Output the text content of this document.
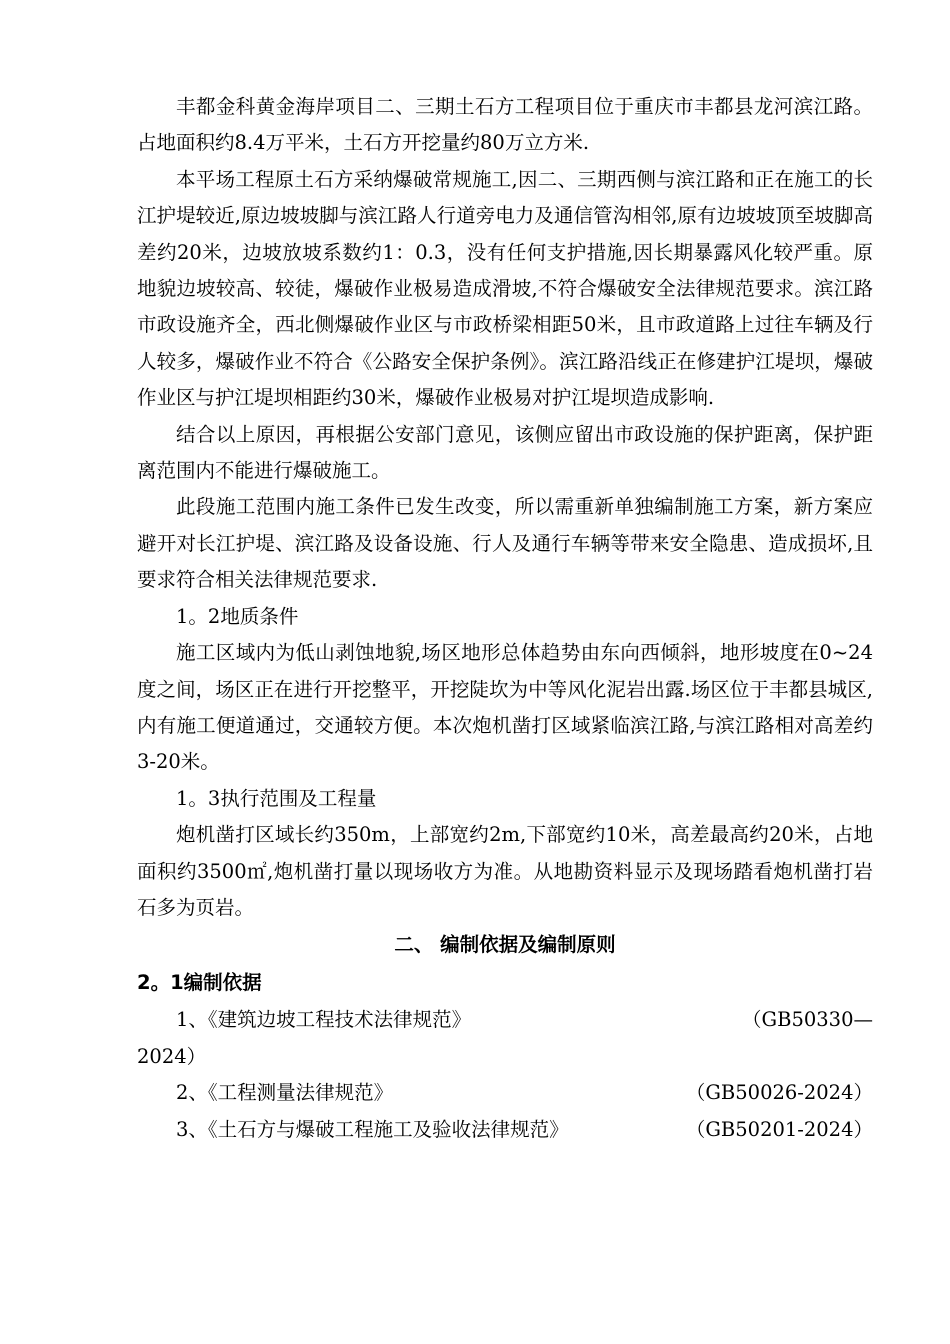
丰都金科黄金海岸项目二、三期土石方工程项目位于重庆市丰都县龙河滨江路。占地面积约8.4万平米，土石方开挖量约80万立方米.

本平场工程原土石方采纳爆破常规施工,因二、三期西侧与滨江路和正在施工的长江护堤较近,原边坡坡脚与滨江路人行道旁电力及通信管沟相邻,原有边坡坡顶至坡脚高差约20米，边坡放坡系数约1：0.3，没有任何支护措施,因长期暴露风化较严重。原地貌边坡较高、较徒，爆破作业极易造成滑坡,不符合爆破安全法律规范要求。滨江路市政设施齐全，西北侧爆破作业区与市政桥梁相距50米，且市政道路上过往车辆及行人较多，爆破作业不符合《公路安全保护条例》。滨江路沿线正在修建护江堤坝，爆破作业区与护江堤坝相距约30米，爆破作业极易对护江堤坝造成影响.

结合以上原因，再根据公安部门意见，该侧应留出市政设施的保护距离，保护距离范围内不能进行爆破施工。

此段施工范围内施工条件已发生改变，所以需重新单独编制施工方案，新方案应避开对长江护堤、滨江路及设备设施、行人及通行车辆等带来安全隐患、造成损坏,且要求符合相关法律规范要求.

1。2地质条件

施工区域内为低山剥蚀地貌,场区地形总体趋势由东向西倾斜，地形坡度在0~24度之间，场区正在进行开挖整平，开挖陡坎为中等风化泥岩出露.场区位于丰都县城区,内有施工便道通过，交通较方便。本次炮机凿打区域紧临滨江路,与滨江路相对高差约3-20米。

1。3执行范围及工程量

炮机凿打区域长约350m，上部宽约2m,下部宽约10米，高差最高约20米，占地面积约3500㎡,炮机凿打量以现场收方为准。从地勘资料显示及现场踏看炮机凿打岩石多为页岩。

二、 编制依据及编制原则

2。1编制依据

1、《建筑边坡工程技术法律规范》	（GB50330—
2024）
2、《工程测量法律规范》	（GB50026-2024）
3、《土石方与爆破工程施工及验收法律规范》	（GB50201-2024）
